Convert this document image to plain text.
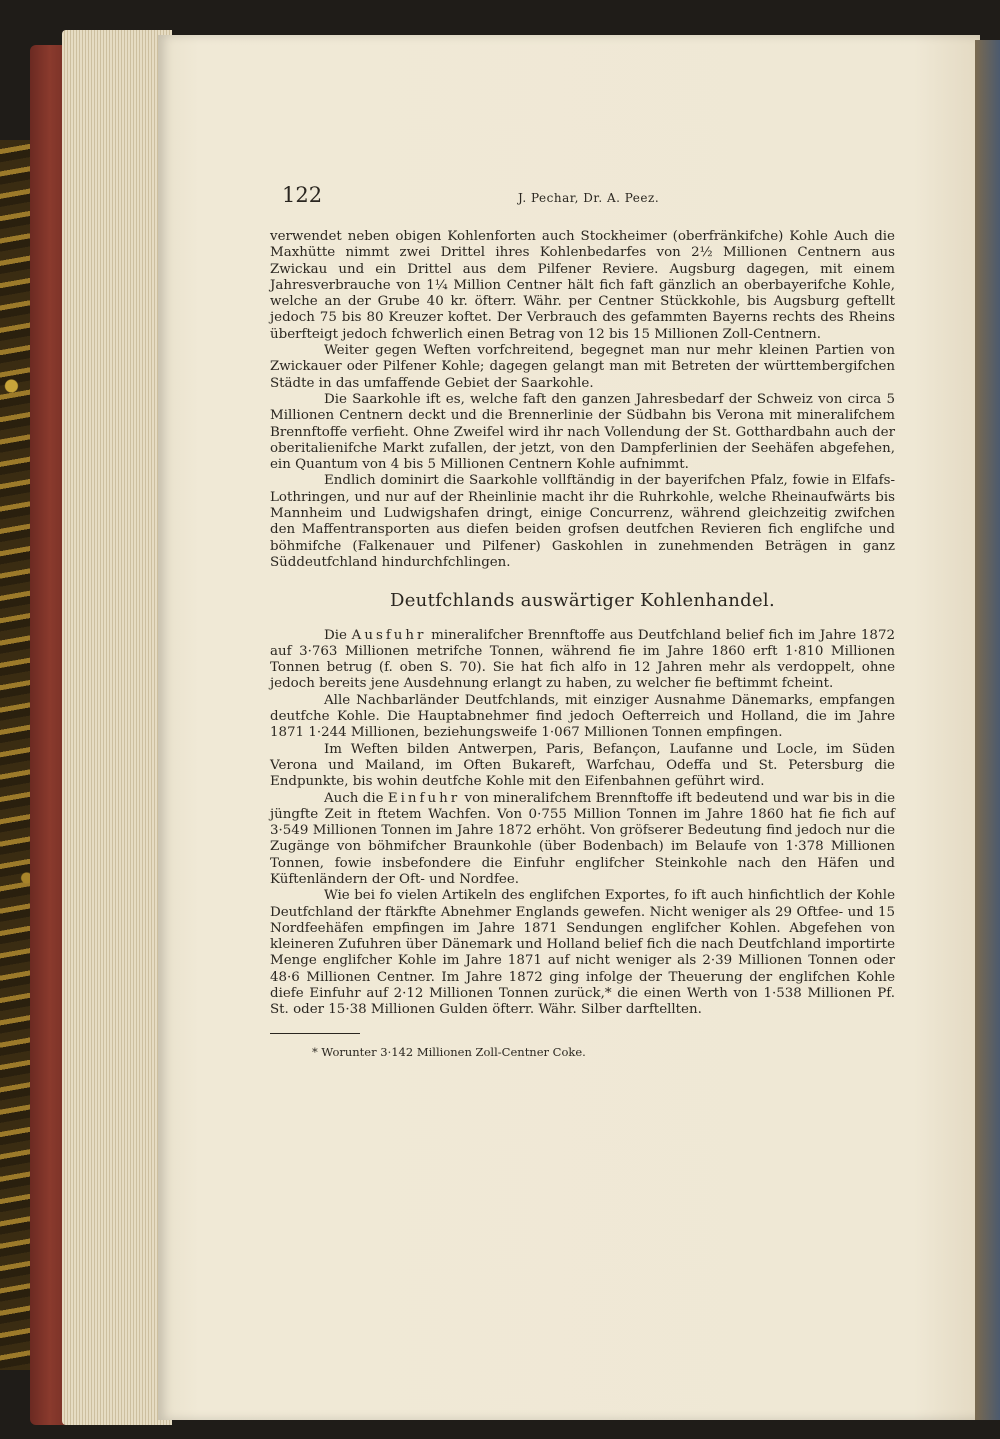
122	J. Pechar, Dr. A. Peez.

verwendet neben obigen Kohlenforten auch Stockheimer (oberfränkifche) Kohle Auch die Maxhütte nimmt zwei Drittel ihres Kohlenbedarfes von 2½ Millionen Centnern aus Zwickau und ein Drittel aus dem Pilfener Reviere. Augsburg dagegen, mit einem Jahresverbrauche von 1¼ Million Centner hält fich faft gänzlich an oberbayerifche Kohle, welche an der Grube 40 kr. öfterr. Währ. per Centner Stückkohle, bis Augsburg geftellt jedoch 75 bis 80 Kreuzer koftet. Der Verbrauch des gefammten Bayerns rechts des Rheins überfteigt jedoch fchwerlich einen Betrag von 12 bis 15 Millionen Zoll-Centnern.

Weiter gegen Weften vorfchreitend, begegnet man nur mehr kleinen Partien von Zwickauer oder Pilfener Kohle; dagegen gelangt man mit Betreten der württembergifchen Städte in das umfaffende Gebiet der Saarkohle.

Die Saarkohle ift es, welche faft den ganzen Jahresbedarf der Schweiz von circa 5 Millionen Centnern deckt und die Brennerlinie der Südbahn bis Verona mit mineralifchem Brennftoffe verfieht. Ohne Zweifel wird ihr nach Vollendung der St. Gotthardbahn auch der oberitalienifche Markt zufallen, der jetzt, von den Dampferlinien der Seehäfen abgefehen, ein Quantum von 4 bis 5 Millionen Centnern Kohle aufnimmt.

Endlich dominirt die Saarkohle vollftändig in der bayerifchen Pfalz, fowie in Elfafs-Lothringen, und nur auf der Rheinlinie macht ihr die Ruhrkohle, welche Rheinaufwärts bis Mannheim und Ludwigshafen dringt, einige Concurrenz, während gleichzeitig zwifchen den Maffentransporten aus diefen beiden grofsen deutfchen Revieren fich englifche und böhmifche (Falkenauer und Pilfener) Gaskohlen in zunehmenden Beträgen in ganz Süddeutfchland hindurchfchlingen.

Deutfchlands auswärtiger Kohlenhandel.

Die Ausfuhr mineralifcher Brennftoffe aus Deutfchland belief fich im Jahre 1872 auf 3·763 Millionen metrifche Tonnen, während fie im Jahre 1860 erft 1·810 Millionen Tonnen betrug (f. oben S. 70). Sie hat fich alfo in 12 Jahren mehr als verdoppelt, ohne jedoch bereits jene Ausdehnung erlangt zu haben, zu welcher fie beftimmt fcheint.

Alle Nachbarländer Deutfchlands, mit einziger Ausnahme Dänemarks, empfangen deutfche Kohle. Die Hauptabnehmer find jedoch Oefterreich und Holland, die im Jahre 1871 1·244 Millionen, beziehungsweife 1·067 Millionen Tonnen empfingen.

Im Weften bilden Antwerpen, Paris, Befançon, Laufanne und Locle, im Süden Verona und Mailand, im Often Bukareft, Warfchau, Odeffa und St. Petersburg die Endpunkte, bis wohin deutfche Kohle mit den Eifenbahnen geführt wird.

Auch die Einfuhr von mineralifchem Brennftoffe ift bedeutend und war bis in die jüngfte Zeit in ftetem Wachfen. Von 0·755 Million Tonnen im Jahre 1860 hat fie fich auf 3·549 Millionen Tonnen im Jahre 1872 erhöht. Von gröfserer Bedeutung find jedoch nur die Zugänge von böhmifcher Braunkohle (über Bodenbach) im Belaufe von 1·378 Millionen Tonnen, fowie insbefondere die Einfuhr englifcher Steinkohle nach den Häfen und Küftenländern der Oft- und Nordfee.

Wie bei fo vielen Artikeln des englifchen Exportes, fo ift auch hinfichtlich der Kohle Deutfchland der ftärkfte Abnehmer Englands gewefen. Nicht weniger als 29 Oftfee- und 15 Nordfeehäfen empfingen im Jahre 1871 Sendungen englifcher Kohlen. Abgefehen von kleineren Zufuhren über Dänemark und Holland belief fich die nach Deutfchland importirte Menge englifcher Kohle im Jahre 1871 auf nicht weniger als 2·39 Millionen Tonnen oder 48·6 Millionen Centner. Im Jahre 1872 ging infolge der Theuerung der englifchen Kohle diefe Einfuhr auf 2·12 Millionen Tonnen zurück,* die einen Werth von 1·538 Millionen Pf. St. oder 15·38 Millionen Gulden öfterr. Währ. Silber darftellten.

* Worunter 3·142 Millionen Zoll-Centner Coke.
